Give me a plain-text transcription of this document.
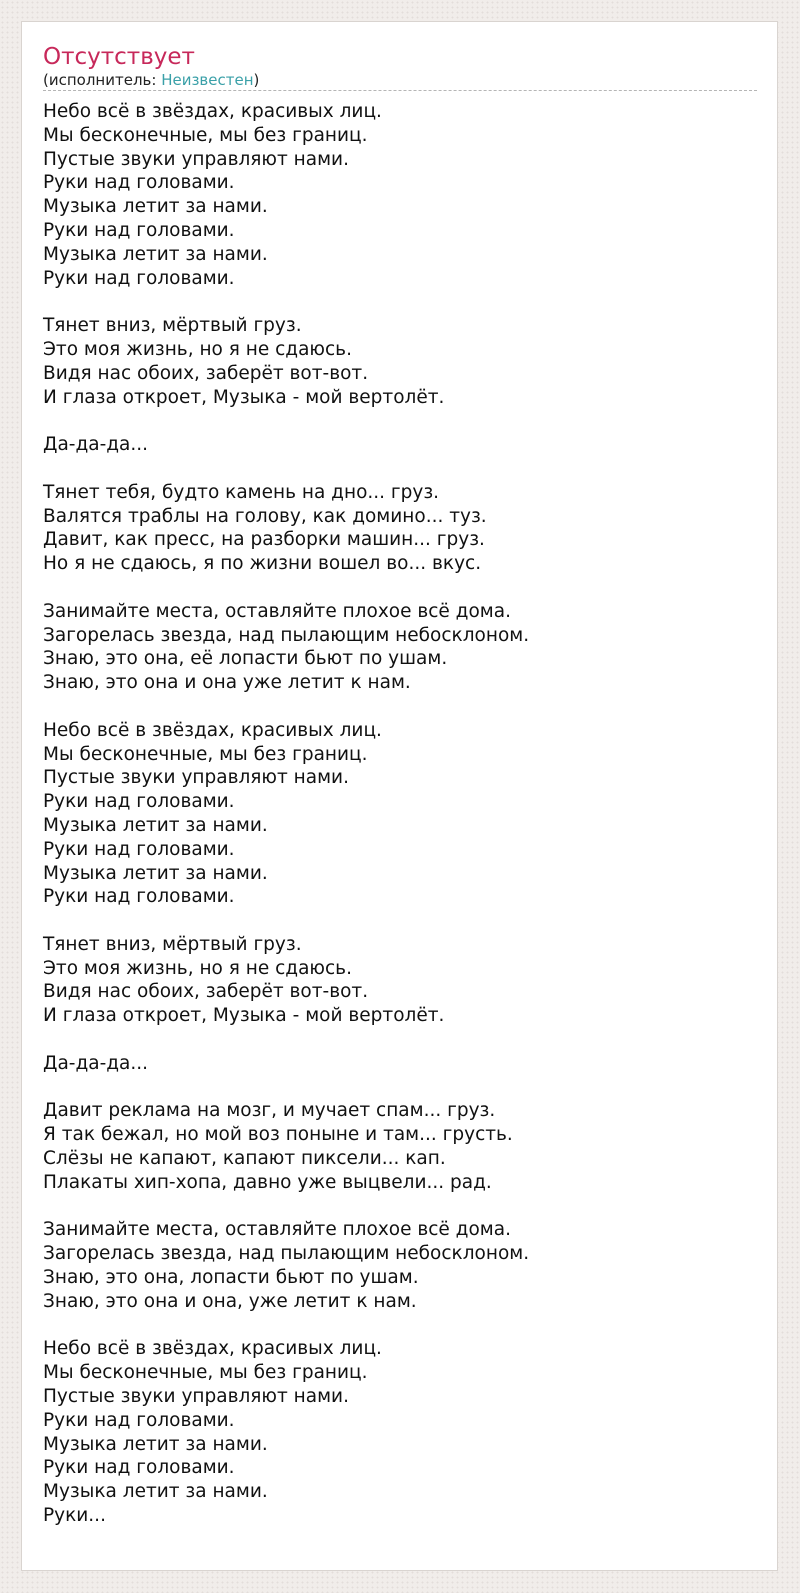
Отсутствует
(исполнитель: Неизвестен)
Небо всё в звёздах, красивых лиц.
Мы бесконечные, мы без границ.
Пустые звуки управляют нами.
Руки над головами.
Музыка летит за нами.
Руки над головами.
Музыка летит за нами.
Руки над головами.
Тянет вниз, мёртвый груз.
Это моя жизнь, но я не сдаюсь.
Видя нас обоих, заберёт вот-вот.
И глаза откроет, Музыка - мой вертолёт.
Да-да-да...
Тянет тебя, будто камень на дно... груз.
Валятся траблы на голову, как домино... туз.
Давит, как пресс, на разборки машин... груз.
Но я не сдаюсь, я по жизни вошел во... вкус.
Занимайте места, оставляйте плохое всё дома.
Загорелась звезда, над пылающим небосклоном.
Знаю, это она, её лопасти бьют по ушам.
Знаю, это она и она уже летит к нам.
Небо всё в звёздах, красивых лиц.
Мы бесконечные, мы без границ.
Пустые звуки управляют нами.
Руки над головами.
Музыка летит за нами.
Руки над головами.
Музыка летит за нами.
Руки над головами.
Тянет вниз, мёртвый груз.
Это моя жизнь, но я не сдаюсь.
Видя нас обоих, заберёт вот-вот.
И глаза откроет, Музыка - мой вертолёт.
Да-да-да...
Давит реклама на мозг, и мучает спам... груз.
Я так бежал, но мой воз поныне и там... грусть.
Слёзы не капают, капают пиксели... кап.
Плакаты хип-хопа, давно уже выцвели... рад.
Занимайте места, оставляйте плохое всё дома.
Загорелась звезда, над пылающим небосклоном.
Знаю, это она, лопасти бьют по ушам.
Знаю, это она и она, уже летит к нам.
Небо всё в звёздах, красивых лиц.
Мы бесконечные, мы без границ.
Пустые звуки управляют нами.
Руки над головами.
Музыка летит за нами.
Руки над головами.
Музыка летит за нами.
Руки...
